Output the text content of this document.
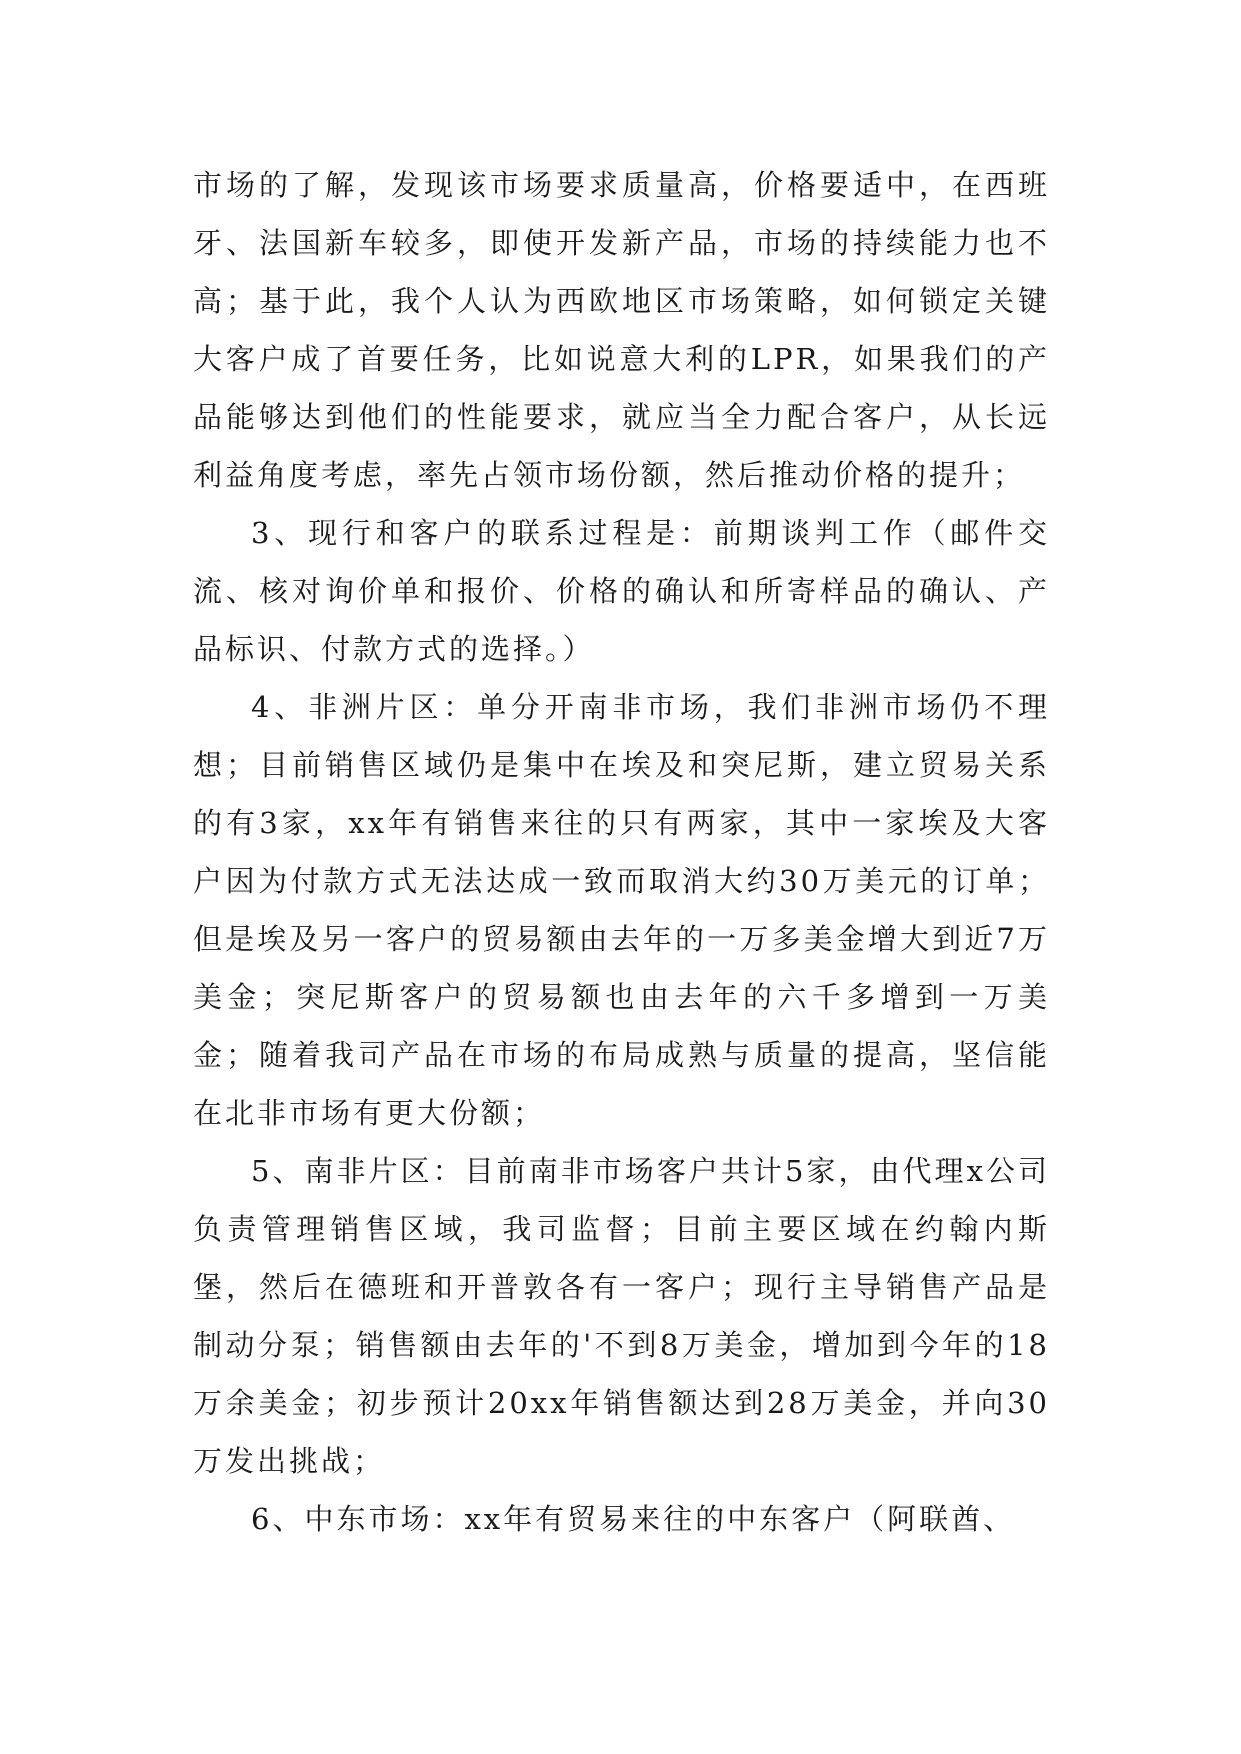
市场的了解，发现该市场要求质量高，价格要适中，在西班牙、法国新车较多，即使开发新产品，市场的持续能力也不高；基于此，我个人认为西欧地区市场策略，如何锁定关键大客户成了首要任务，比如说意大利的LPR，如果我们的产品能够达到他们的性能要求，就应当全力配合客户，从长远利益角度考虑，率先占领市场份额，然后推动价格的提升；

3、现行和客户的联系过程是：前期谈判工作（邮件交流、核对询价单和报价、价格的确认和所寄样品的确认、产品标识、付款方式的选择。）

4、非洲片区：单分开南非市场，我们非洲市场仍不理想；目前销售区域仍是集中在埃及和突尼斯，建立贸易关系的有3家，xx年有销售来往的只有两家，其中一家埃及大客户因为付款方式无法达成一致而取消大约30万美元的订单；但是埃及另一客户的贸易额由去年的一万多美金增大到近7万美金；突尼斯客户的贸易额也由去年的六千多增到一万美金；随着我司产品在市场的布局成熟与质量的提高，坚信能在北非市场有更大份额；

5、南非片区：目前南非市场客户共计5家，由代理x公司负责管理销售区域，我司监督；目前主要区域在约翰内斯堡，然后在德班和开普敦各有一客户；现行主导销售产品是制动分泵；销售额由去年的'不到8万美金，增加到今年的18万余美金；初步预计20xx年销售额达到28万美金，并向30万发出挑战；

6、中东市场：xx年有贸易来往的中东客户（阿联酋、
